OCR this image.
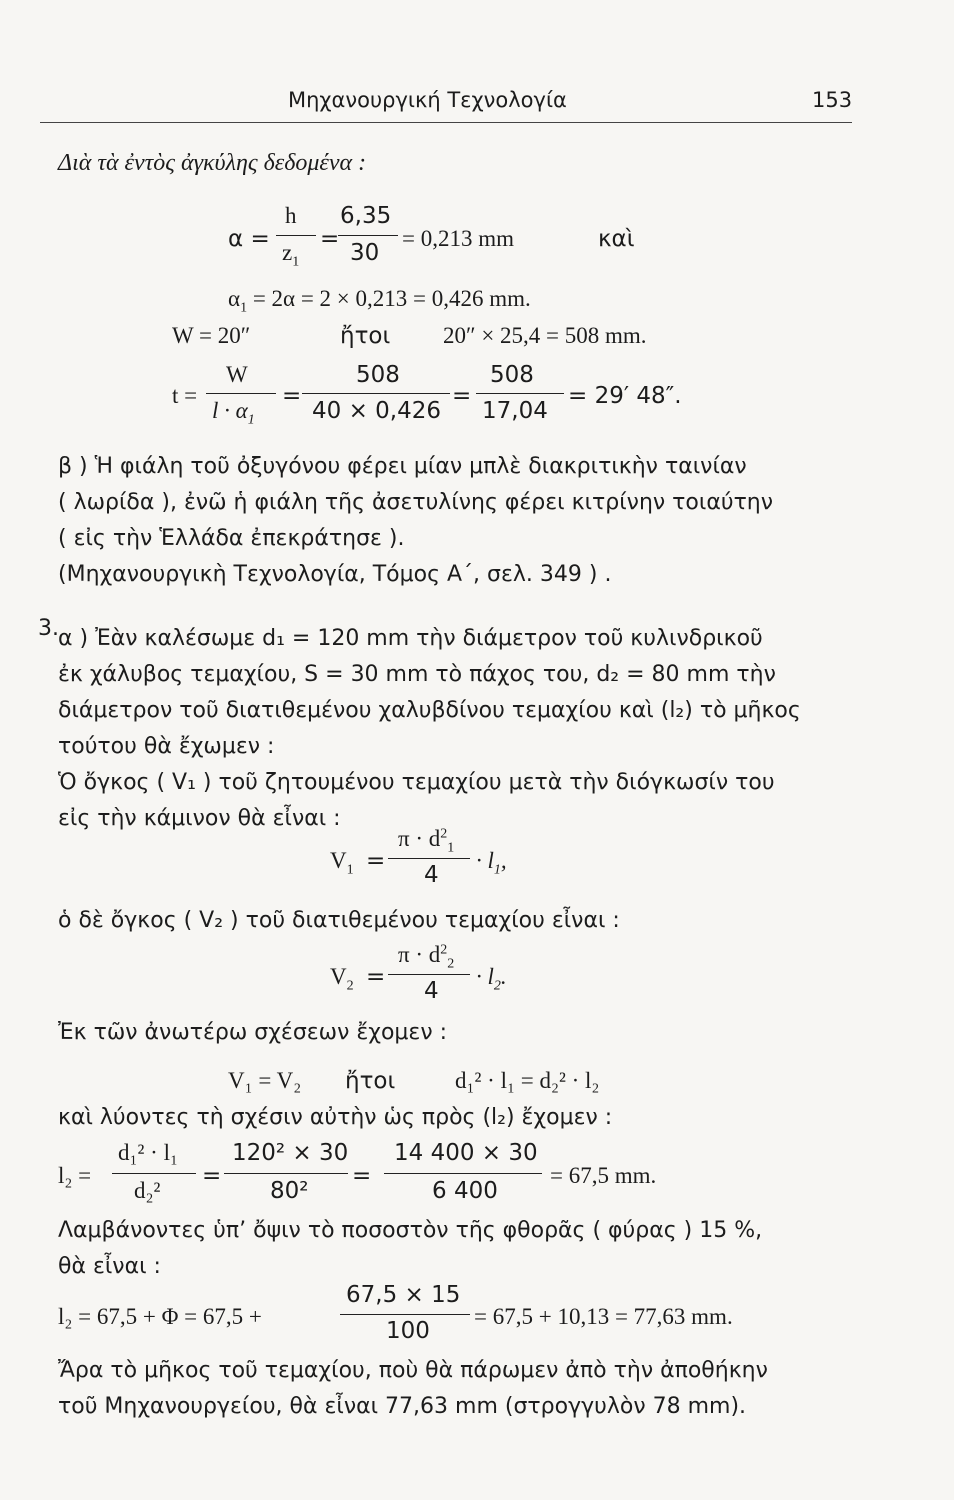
Μηχανουργική Τεχνολογία	153
Διὰ τὰ ἐντὸς ἀγκύλης δεδομένα :
α =
h
$z_1$
=
6,35
30
= 0,213 mm	καὶ
$\alpha_1 = 2\alpha = 2 \times 0,213 = 0,426$ mm.
W = 20″	ἤτοι 20″ × 25,4 = 508 mm.
t =
W
$l \cdot \alpha_1$
=
508
40 × 0,426
=
508
17,04
= 29′ 48″.
β ) Ἡ φιάλη τοῦ ὀξυγόνου φέρει μίαν μπλὲ διακριτικὴν ταινίαν
( λωρίδα ), ἐνῶ ἡ φιάλη τῆς ἀσετυλίνης φέρει κιτρίνην τοιαύτην
( εἰς τὴν Ἑλλάδα ἐπεκράτησε ).
(Μηχανουργικὴ Τεχνολογία, Τόμος Α΄, σελ. 349 ) .
3. α ) Ἐὰν καλέσωμε d₁ = 120 mm τὴν διάμετρον τοῦ κυλινδρικοῦ
ἐκ χάλυβος τεμαχίου, S = 30 mm τὸ πάχος του, d₂ = 80 mm τὴν
διάμετρον τοῦ διατιθεμένου χαλυβδίνου τεμαχίου καὶ (l₂) τὸ μῆκος
τούτου θὰ ἔχωμεν :
Ὁ ὄγκος ( V₁ ) τοῦ ζητουμένου τεμαχίου μετὰ τὴν διόγκωσίν του
εἰς τὴν κάμινον θὰ εἶναι :
$V_1$ =
$\pi \cdot d^2_1$
4
· $l_1$,
ὁ δὲ ὄγκος ( V₂ ) τοῦ διατιθεμένου τεμαχίου εἶναι :
$V_2$ =
$\pi \cdot d^2_2$
4
· $l_2$.
Ἐκ τῶν ἀνωτέρω σχέσεων ἔχομεν :
V₁ = V₂ ἤτοι	d₁² · l₁ = d₂² · l₂
καὶ λύοντες τὴ σχέσιν αὐτὴν ὡς πρὸς (l₂) ἔχομεν :
l₂ =
d₁² · l₁
d₂²
=
120² × 30
80²
=
14 400 × 30
6 400
= 67,5 mm.
Λαμβάνοντες ὑπ’ ὄψιν τὸ ποσοστὸν τῆς φθορᾶς ( φύρας ) 15 %,
θὰ εἶναι :
l₂ = 67,5 + Φ = 67,5 +
67,5 × 15
100
= 67,5 + 10,13 = 77,63 mm.
Ἄρα τὸ μῆκος τοῦ τεμαχίου, ποὺ θὰ πάρωμεν ἀπὸ τὴν ἀποθήκην
τοῦ Μηχανουργείου, θὰ εἶναι 77,63 mm (στρογγυλὸν 78 mm).
